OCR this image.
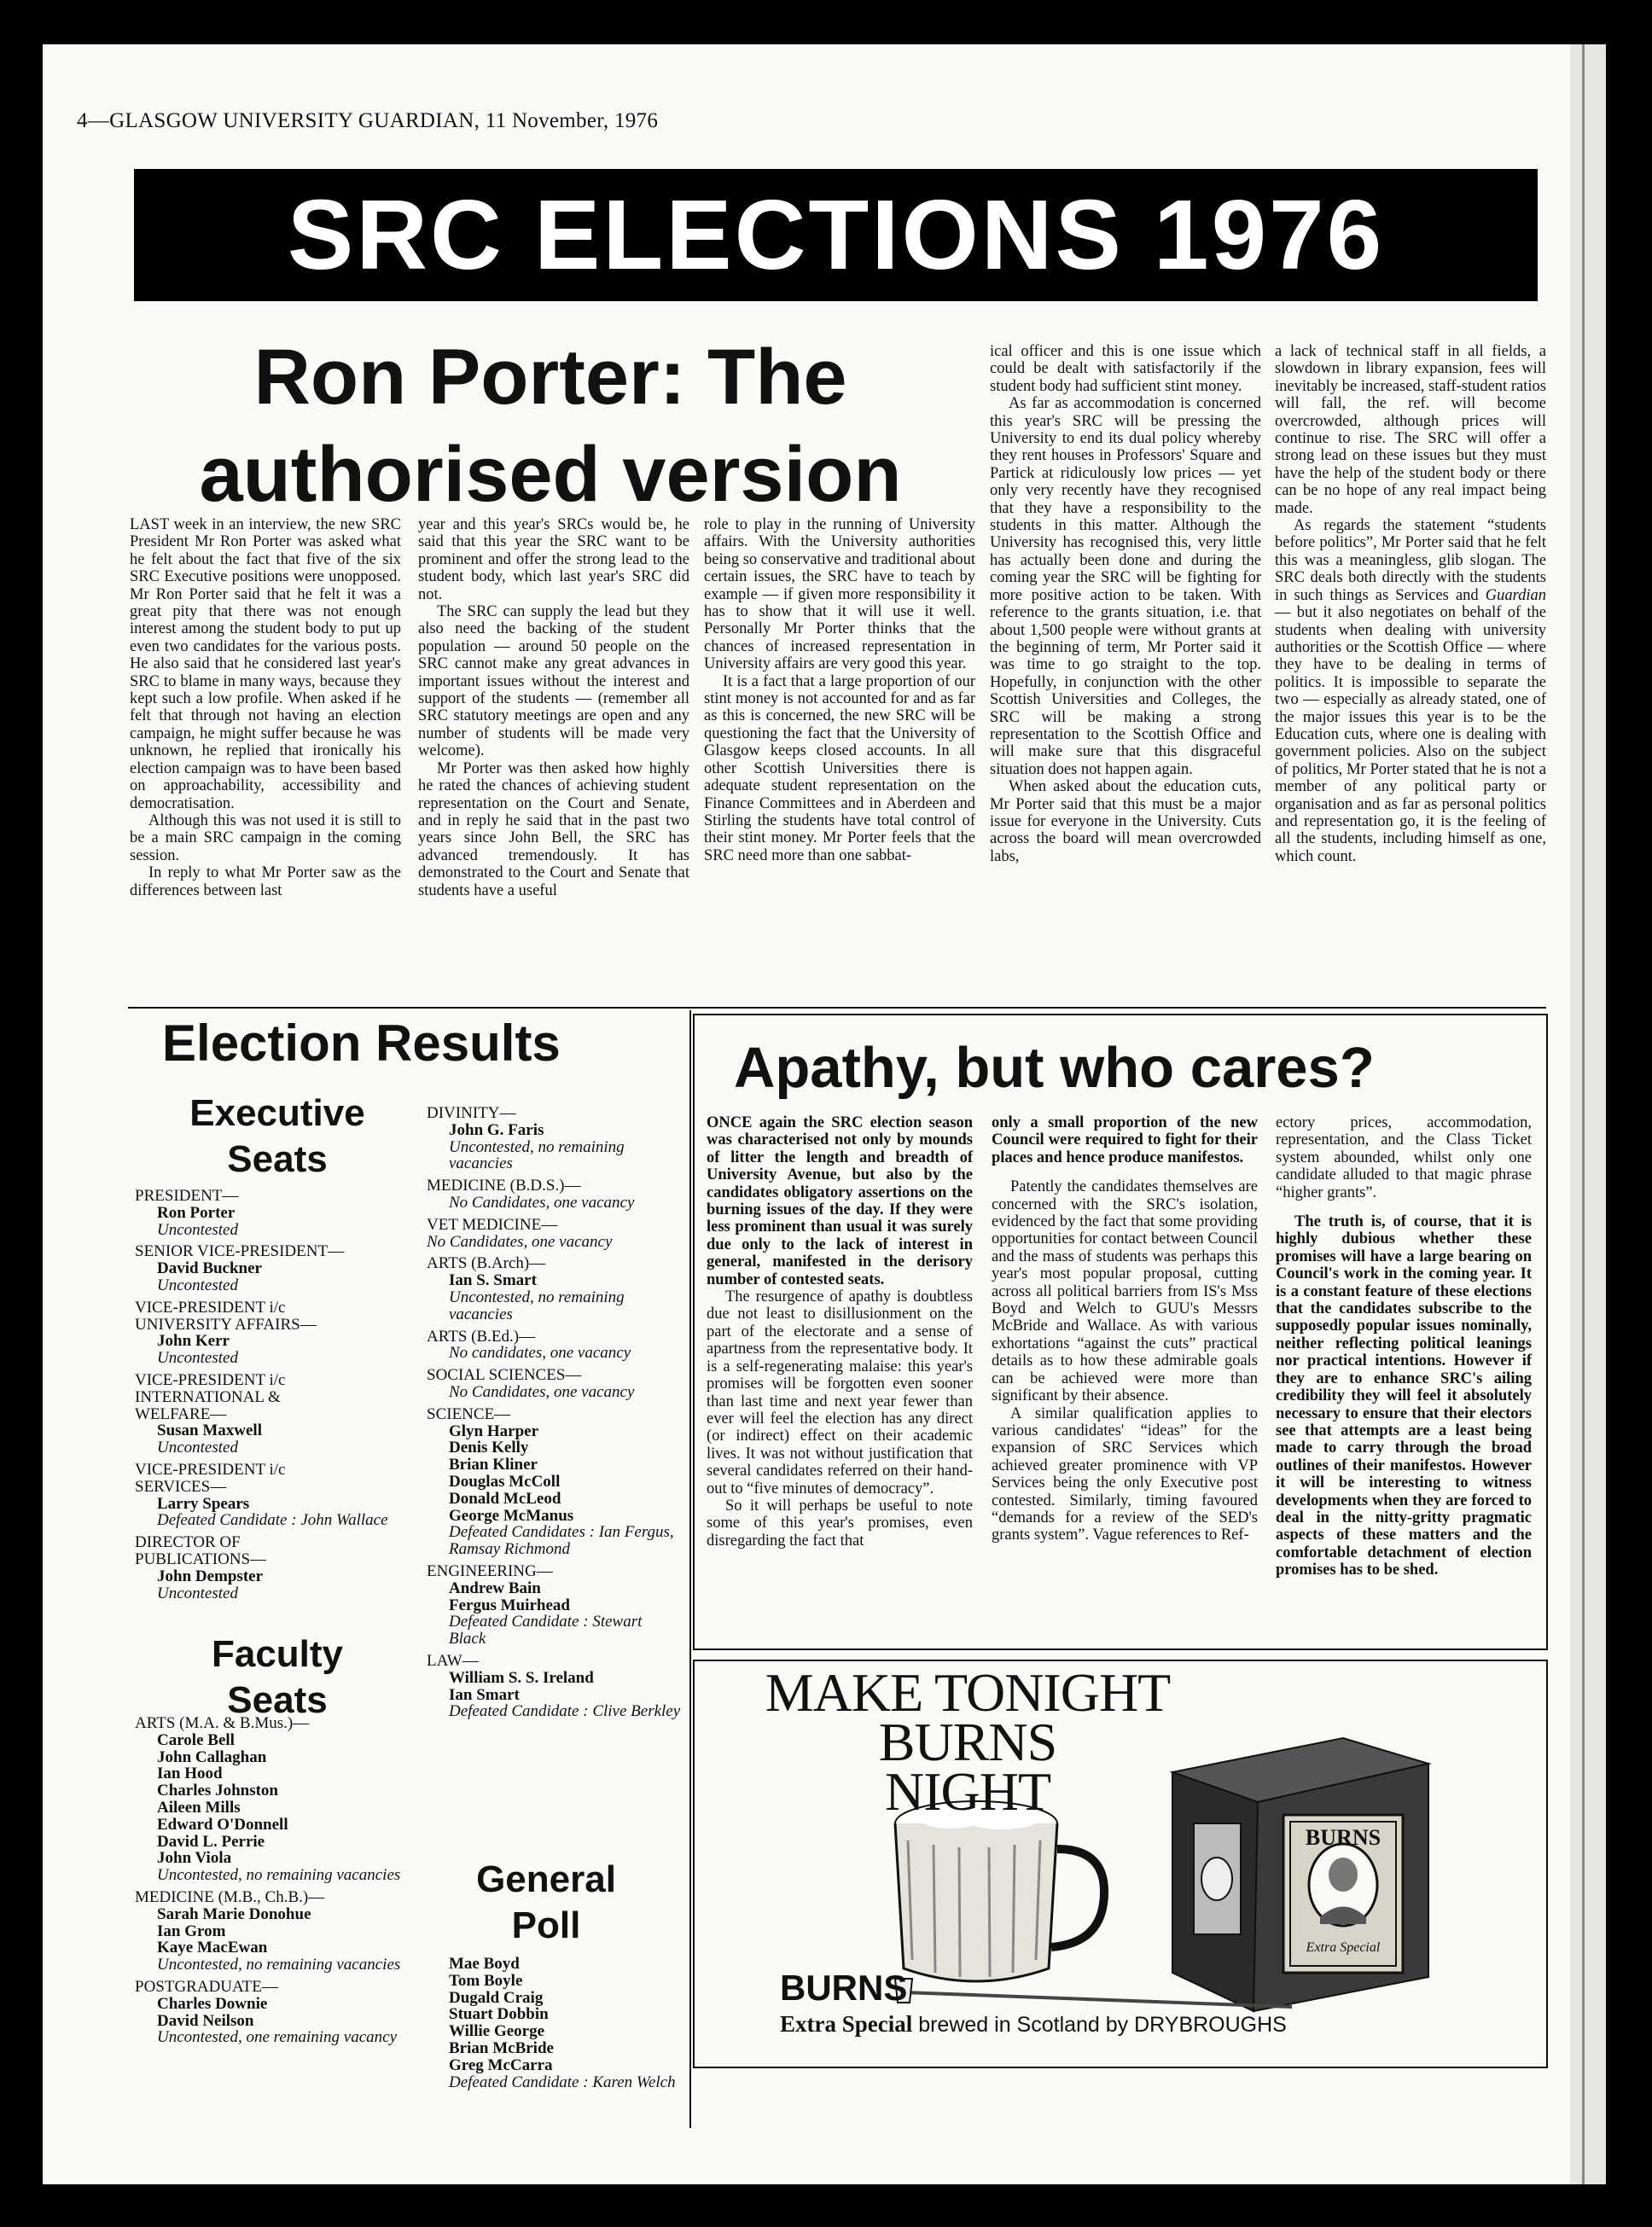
4—GLASGOW UNIVERSITY GUARDIAN, 11 November, 1976
SRC ELECTIONS 1976
Ron Porter: The
authorised version

LAST week in an interview, the new SRC President Mr Ron Porter was asked what he felt about the fact that five of the six SRC Executive positions were unopposed. Mr Ron Porter said that he felt it was a great pity that there was not enough interest among the student body to put up even two candidates for the various posts. He also said that he considered last year's SRC to blame in many ways, because they kept such a low profile. When asked if he felt that through not having an election campaign, he might suffer because he was unknown, he replied that ironically his election campaign was to have been based on approachability, accessibility and democratisation.

Although this was not used it is still to be a main SRC campaign in the coming session.

In reply to what Mr Porter saw as the differences between last

year and this year's SRCs would be, he said that this year the SRC want to be prominent and offer the strong lead to the student body, which last year's SRC did not.

The SRC can supply the lead but they also need the backing of the student population — around 50 people on the SRC cannot make any great advances in important issues without the interest and support of the students — (remember all SRC statutory meetings are open and any number of students will be made very welcome).

Mr Porter was then asked how highly he rated the chances of achieving student representation on the Court and Senate, and in reply he said that in the past two years since John Bell, the SRC has advanced tremendously. It has demonstrated to the Court and Senate that students have a useful

role to play in the running of University affairs. With the University authorities being so conservative and traditional about certain issues, the SRC have to teach by example — if given more responsibility it has to show that it will use it well. Personally Mr Porter thinks that the chances of increased representation in University affairs are very good this year.

It is a fact that a large proportion of our stint money is not accounted for and as far as this is concerned, the new SRC will be questioning the fact that the University of Glasgow keeps closed accounts. In all other Scottish Universities there is adequate student representation on the Finance Committees and in Aberdeen and Stirling the students have total control of their stint money. Mr Porter feels that the SRC need more than one sabbat-

ical officer and this is one issue which could be dealt with satisfactorily if the student body had sufficient stint money.

As far as accommodation is concerned this year's SRC will be pressing the University to end its dual policy whereby they rent houses in Professors' Square and Partick at ridiculously low prices — yet only very recently have they recognised that they have a responsibility to the students in this matter. Although the University has recognised this, very little has actually been done and during the coming year the SRC will be fighting for more positive action to be taken. With reference to the grants situation, i.e. that about 1,500 people were without grants at the beginning of term, Mr Porter said it was time to go straight to the top. Hopefully, in conjunction with the other Scottish Universities and Colleges, the SRC will be making a strong representation to the Scottish Office and will make sure that this disgraceful situation does not happen again.

When asked about the education cuts, Mr Porter said that this must be a major issue for everyone in the University. Cuts across the board will mean overcrowded labs,

a lack of technical staff in all fields, a slowdown in library expansion, fees will inevitably be increased, staff-student ratios will fall, the ref. will become overcrowded, although prices will continue to rise. The SRC will offer a strong lead on these issues but they must have the help of the student body or there can be no hope of any real impact being made.

As regards the statement “students before politics”, Mr Porter said that he felt this was a meaningless, glib slogan. The SRC deals both directly with the students in such things as Services and Guardian — but it also negotiates on behalf of the students when dealing with university authorities or the Scottish Office — where they have to be dealing in terms of politics. It is impossible to separate the two — especially as already stated, one of the major issues this year is to be the Education cuts, where one is dealing with government policies. Also on the subject of politics, Mr Porter stated that he is not a member of any political party or organisation and as far as personal politics and representation go, it is the feeling of all the students, including himself as one, which count.

Election Results
Executive
Seats
PRESIDENT—
Ron Porter
Uncontested
SENIOR VICE-PRESIDENT—
David Buckner
Uncontested
VICE-PRESIDENT i/c
UNIVERSITY AFFAIRS—
John Kerr
Uncontested
VICE-PRESIDENT i/c
INTERNATIONAL &
WELFARE—
Susan Maxwell
Uncontested
VICE-PRESIDENT i/c
SERVICES—
Larry Spears
Defeated Candidate : John Wallace
DIRECTOR OF
PUBLICATIONS—
John Dempster
Uncontested
Faculty
Seats
ARTS (M.A. & B.Mus.)—
Carole Bell
John Callaghan
Ian Hood
Charles Johnston
Aileen Mills
Edward O'Donnell
David L. Perrie
John Viola
Uncontested, no remaining vacancies
MEDICINE (M.B., Ch.B.)—
Sarah Marie Donohue
Ian Grom
Kaye MacEwan
Uncontested, no remaining vacancies
POSTGRADUATE—
Charles Downie
David Neilson
Uncontested, one remaining vacancy
DIVINITY—
John G. Faris
Uncontested, no remaining vacancies
MEDICINE (B.D.S.)—
No Candidates, one vacancy
VET MEDICINE—
No Candidates, one vacancy
ARTS (B.Arch)—
Ian S. Smart
Uncontested, no remaining vacancies
ARTS (B.Ed.)—
No candidates, one vacancy
SOCIAL SCIENCES—
No Candidates, one vacancy
SCIENCE—
Glyn Harper
Denis Kelly
Brian Kliner
Douglas McColl
Donald McLeod
George McManus
Defeated Candidates : Ian Fergus, Ramsay Richmond
ENGINEERING—
Andrew Bain
Fergus Muirhead
Defeated Candidate : Stewart Black
LAW—
William S. S. Ireland
Ian Smart
Defeated Candidate : Clive Berkley
General
Poll
Mae Boyd
Tom Boyle
Dugald Craig
Stuart Dobbin
Willie George
Brian McBride
Greg McCarra
Defeated Candidate : Karen Welch
Apathy, but who cares?

ONCE again the SRC election season was characterised not only by mounds of litter the length and breadth of University Avenue, but also by the candidates obligatory assertions on the burning issues of the day. If they were less prominent than usual it was surely due only to the lack of interest in general, manifested in the derisory number of contested seats.

The resurgence of apathy is doubtless due not least to disillusionment on the part of the electorate and a sense of apartness from the representative body. It is a self-regenerating malaise: this year's promises will be forgotten even sooner than last time and next year fewer than ever will feel the election has any direct (or indirect) effect on their academic lives. It was not without justification that several candidates referred on their hand-out to “five minutes of democracy”.

So it will perhaps be useful to note some of this year's promises, even disregarding the fact that

only a small proportion of the new Council were required to fight for their places and hence produce manifestos.

Patently the candidates themselves are concerned with the SRC's isolation, evidenced by the fact that some providing opportunities for contact between Council and the mass of students was perhaps this year's most popular proposal, cutting across all political barriers from IS's Mss Boyd and Welch to GUU's Messrs McBride and Wallace. As with various exhortations “against the cuts” practical details as to how these admirable goals can be achieved were more than significant by their absence.

A similar qualification applies to various candidates' “ideas” for the expansion of SRC Services which achieved greater prominence with VP Services being the only Executive post contested. Similarly, timing favoured “demands for a review of the SED's grants system”. Vague references to Ref-

ectory prices, accommodation, representation, and the Class Ticket system abounded, whilst only one candidate alluded to that magic phrase “higher grants”.

The truth is, of course, that it is highly dubious whether these promises will have a large bearing on Council's work in the coming year. It is a constant feature of these elections that the candidates subscribe to the supposedly popular issues nominally, neither reflecting political leanings nor practical intentions. However if they are to enhance SRC's ailing credibility they will feel it absolutely necessary to ensure that their electors see that attempts are a least being made to carry through the broad outlines of their manifestos. However it will be interesting to witness developments when they are forced to deal in the nitty-gritty pragmatic aspects of these matters and the comfortable detachment of election promises has to be shed.

BURNS
Extra Special
MAKE TONIGHT
BURNS
NIGHT
BURNS
Extra Special brewed in Scotland by DRYBROUGHS
